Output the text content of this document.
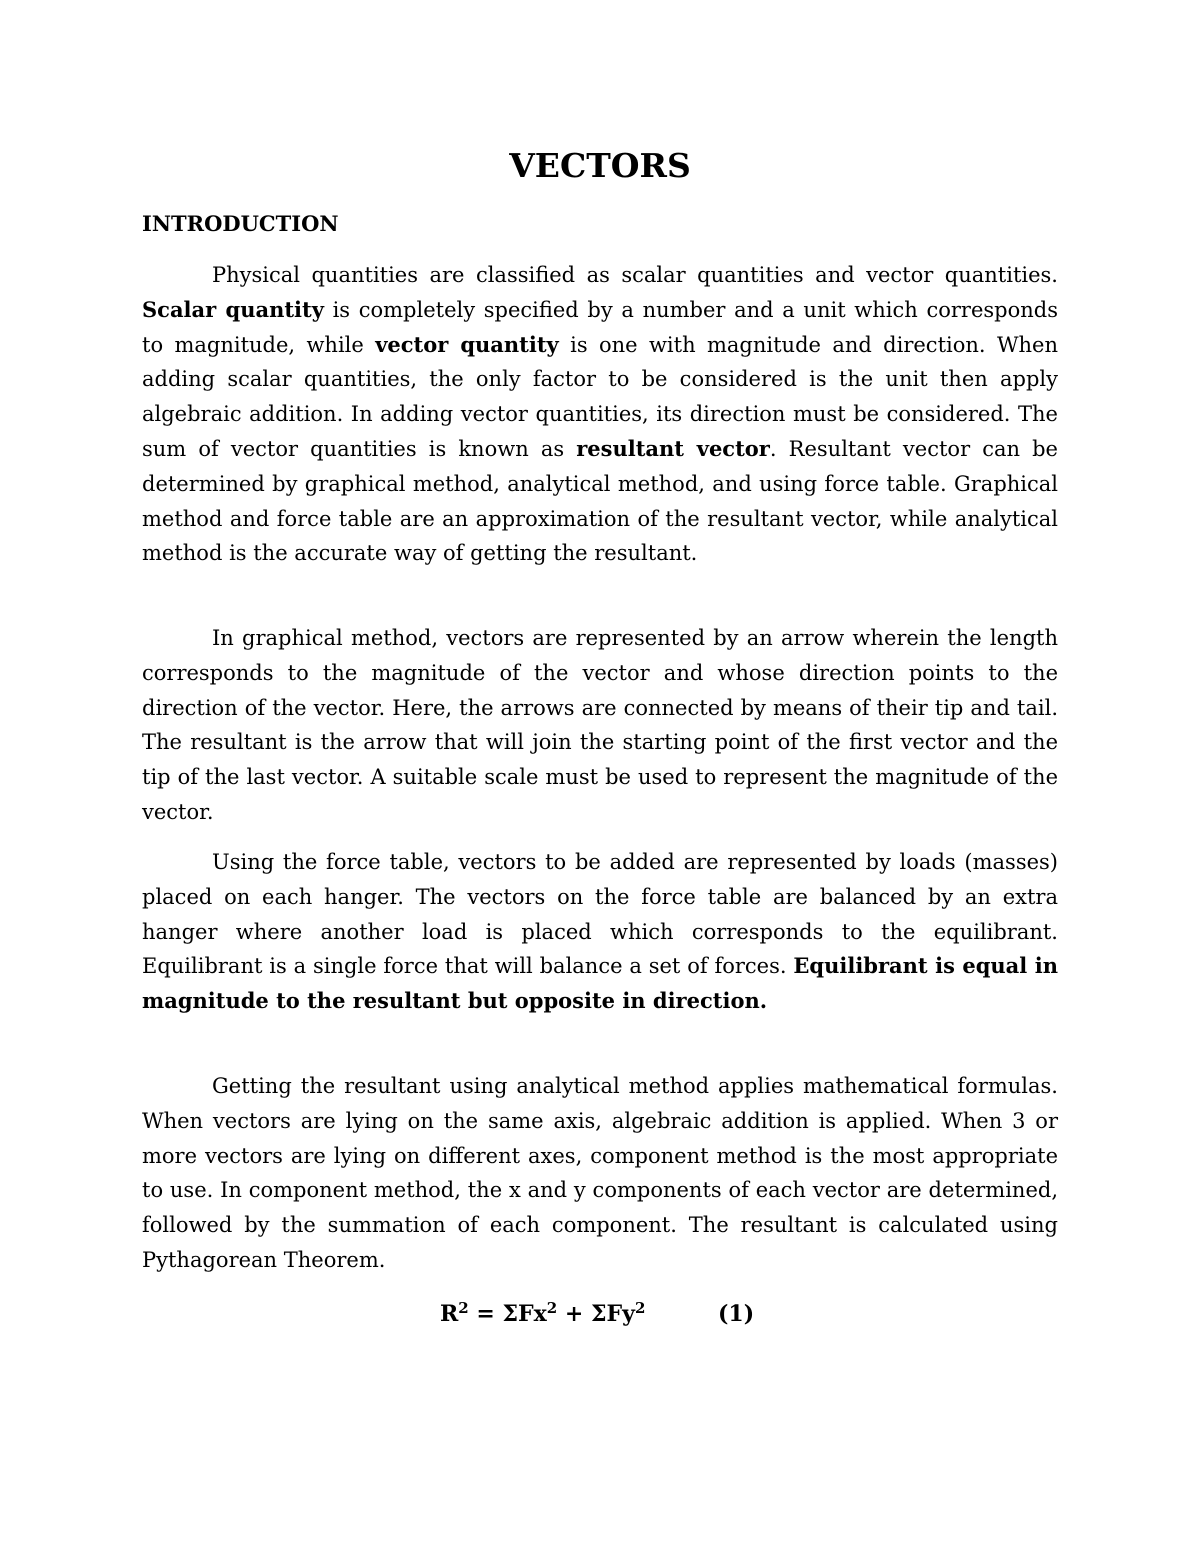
VECTORS
INTRODUCTION

Physical quantities are classified as scalar quantities and vector quantities. Scalar quantity is completely specified by a number and a unit which corresponds to magnitude, while vector quantity is one with magnitude and direction. When adding scalar quantities, the only factor to be considered is the unit then apply algebraic addition. In adding vector quantities, its direction must be considered. The sum of vector quantities is known as resultant vector. Resultant vector can be determined by graphical method, analytical method, and using force table. Graphical method and force table are an approximation of the resultant vector, while analytical method is the accurate way of getting the resultant.

In graphical method, vectors are represented by an arrow wherein the length corresponds to the magnitude of the vector and whose direction points to the direction of the vector. Here, the arrows are connected by means of their tip and tail. The resultant is the arrow that will join the starting point of the first vector and the tip of the last vector. A suitable scale must be used to represent the magnitude of the vector.

Using the force table, vectors to be added are represented by loads (masses) placed on each hanger. The vectors on the force table are balanced by an extra hanger where another load is placed which corresponds to the equilibrant. Equilibrant is a single force that will balance a set of forces. Equilibrant is equal in magnitude to the resultant but opposite in direction.

Getting the resultant using analytical method applies mathematical formulas. When vectors are lying on the same axis, algebraic addition is applied. When 3 or more vectors are lying on different axes, component method is the most appropriate to use. In component method, the x and y components of each vector are determined, followed by the summation of each component. The resultant is calculated using Pythagorean Theorem.

$R^2 = \Sigma Fx^2 + \Sigma Fy^2$	(1)
